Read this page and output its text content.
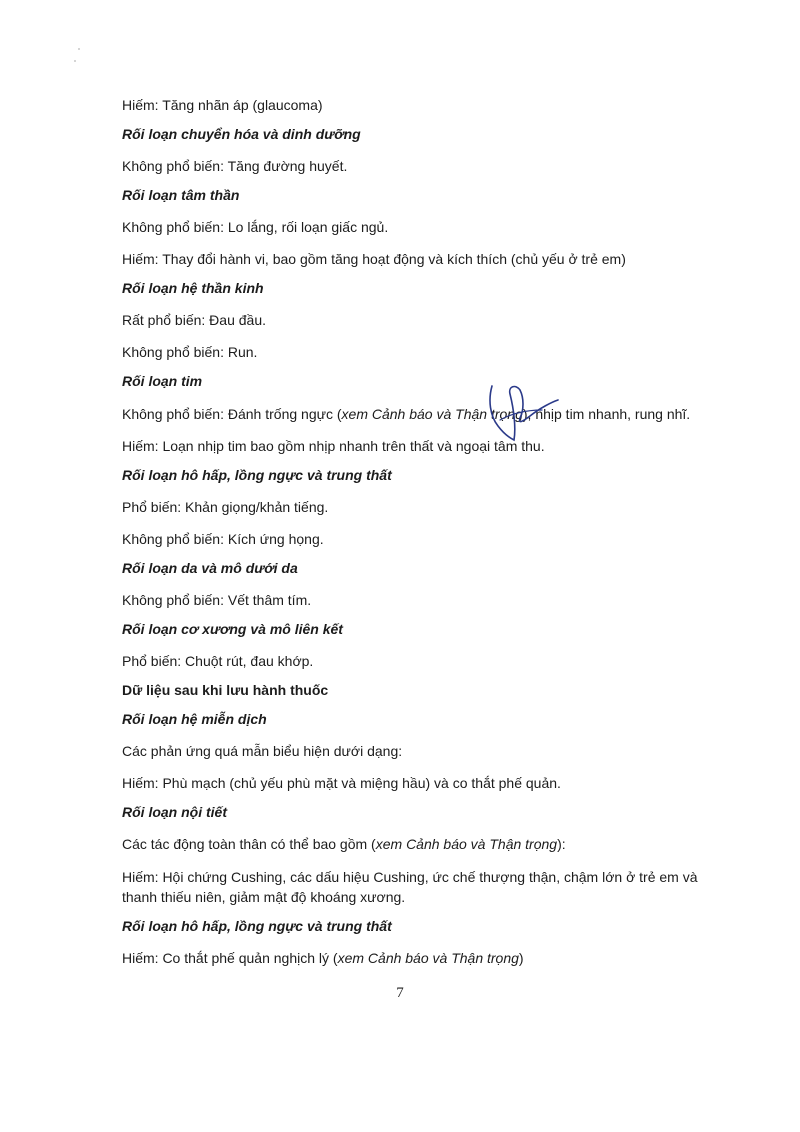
Hiếm: Tăng nhãn áp (glaucoma)

Rối loạn chuyển hóa và dinh dưỡng

Không phổ biến: Tăng đường huyết.

Rối loạn tâm thần

Không phổ biến: Lo lắng, rối loạn giấc ngủ.

Hiếm: Thay đổi hành vi, bao gồm tăng hoạt động và kích thích (chủ yếu ở trẻ em)

Rối loạn hệ thần kinh

Rất phổ biến: Đau đầu.

Không phổ biến: Run.

Rối loạn tim

Không phổ biến: Đánh trống ngực (xem Cảnh báo và Thận trọng), nhịp tim nhanh, rung nhĩ.

Hiếm: Loạn nhịp tim bao gồm nhịp nhanh trên thất và ngoại tâm thu.

Rối loạn hô hấp, lồng ngực và trung thất

Phổ biến: Khản giọng/khản tiếng.

Không phổ biến: Kích ứng họng.

Rối loạn da và mô dưới da

Không phổ biến: Vết thâm tím.

Rối loạn cơ xương và mô liên kết

Phổ biến: Chuột rút, đau khớp.

Dữ liệu sau khi lưu hành thuốc

Rối loạn hệ miễn dịch

Các phản ứng quá mẫn biểu hiện dưới dạng:

Hiếm: Phù mạch (chủ yếu phù mặt và miệng hầu) và co thắt phế quản.

Rối loạn nội tiết

Các tác động toàn thân có thể bao gồm (xem Cảnh báo và Thận trọng):

Hiếm: Hội chứng Cushing, các dấu hiệu Cushing, ức chế thượng thận, chậm lớn ở trẻ em và thanh thiếu niên, giảm mật độ khoáng xương.

Rối loạn hô hấp, lồng ngực và trung thất

Hiếm: Co thắt phế quản nghịch lý (xem Cảnh báo và Thận trọng)

7
